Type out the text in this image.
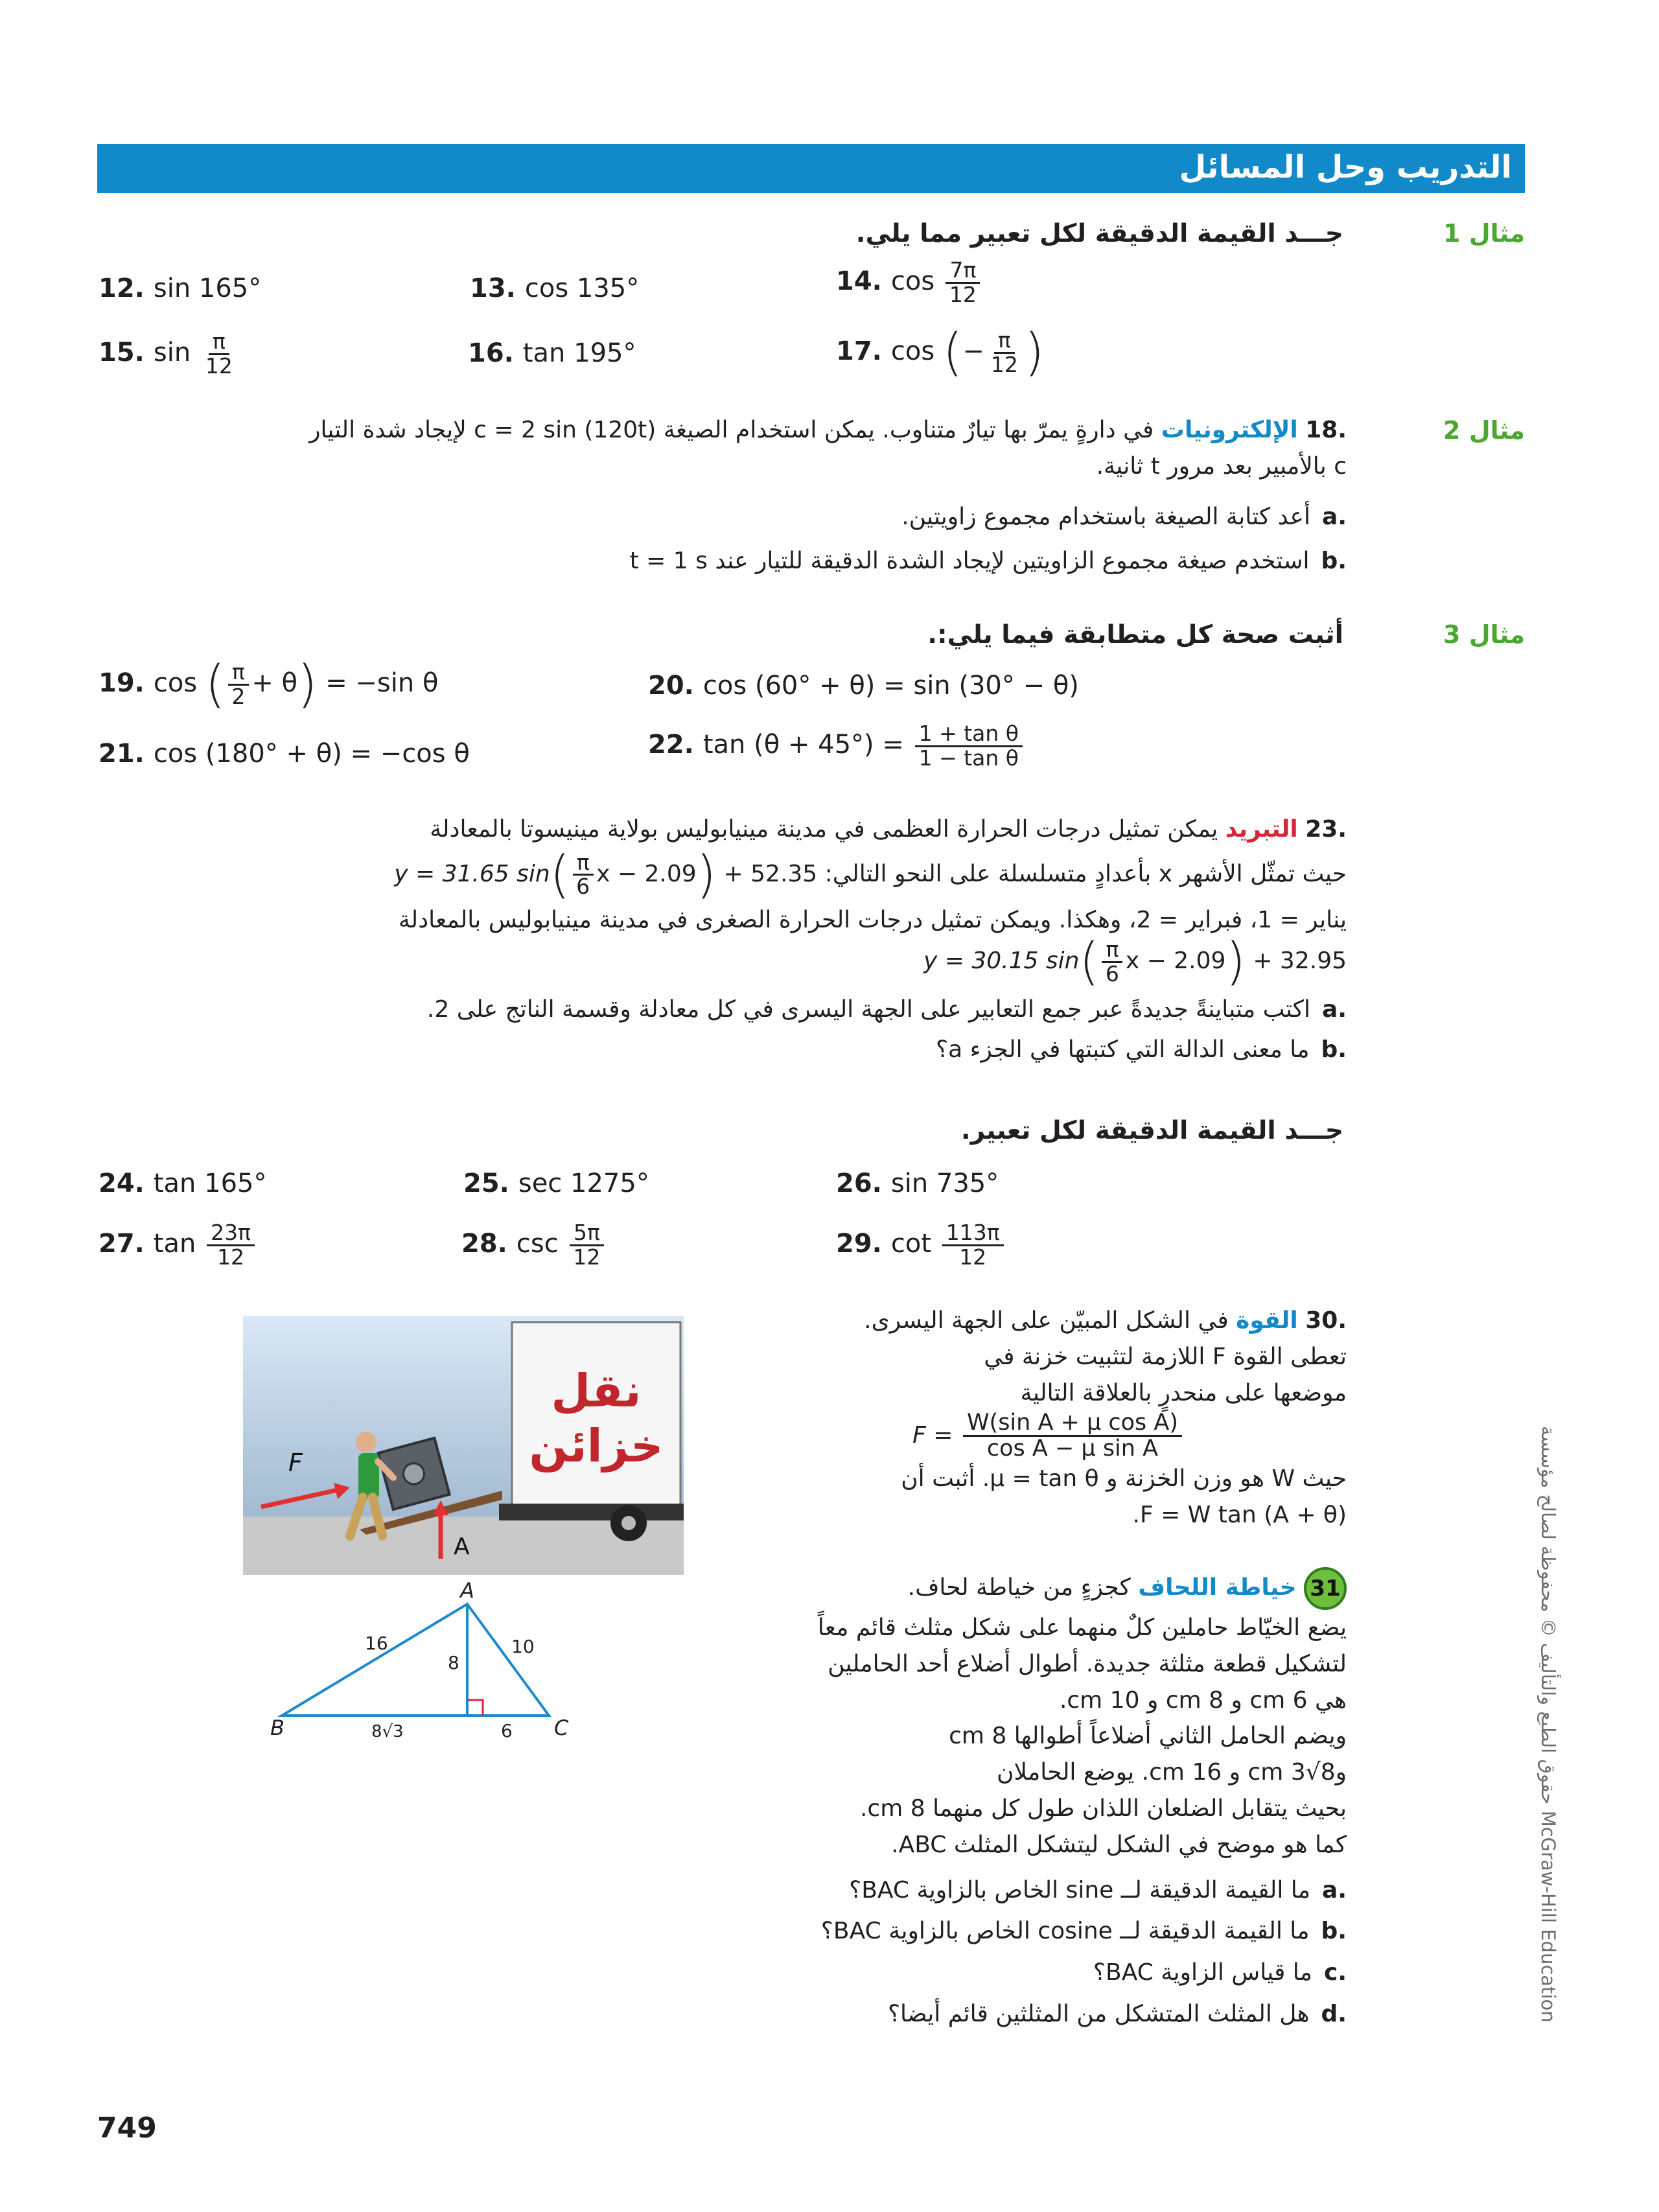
التدريب وحل المسائل
مثال 1
جـــد القيمة الدقيقة لكل تعبير مما يلي.
12. sin 165°	13. cos 135°	14. $\cos \frac{7\pi}{12}$
15. $\sin \frac{\pi}{12}$	16. tan 195°	17. cos (− $\frac{\pi}{12}$ )
مثال 2
.18 الإلكترونيات في دارةٍ يمرّ بها تيارٌ متناوب. يمكن استخدام الصيغة c = 2 sin (120t) لإيجاد شدة التيار
c بالأمبير بعد مرور t ثانية.
.aأعد كتابة الصيغة باستخدام مجموع زاويتين.
.bاستخدم صيغة مجموع الزاويتين لإيجاد الشدة الدقيقة للتيار عند t = 1 s
مثال 3
أثبت صحة كل متطابقة فيما يلي:.
19. cos ( $\frac{\pi}{2} + \theta) = -\sin$ θ	20. cos (60° + θ) = sin (30° − θ)
21. cos (180° + θ) = −cos θ	22. $\tan (\theta + 45^\circ) = \frac{\text{1 + tan θ}}{\text{1 − tan θ}}$
.23 التبريد يمكن تمثيل درجات الحرارة العظمى في مدينة مينيابوليس بولاية مينيسوتا بالمعادلة
حيث تمثّل الأشهر x بأعدادٍ متسلسلة على النحو التالي: y = 31.65 $\sin( \frac{\pi}{6}$ x − 2.09) + 52.35
يناير = 1، فبراير = 2، وهكذا. ويمكن تمثيل درجات الحرارة الصغرى في مدينة مينيابوليس بالمعادلة
y = 30.15 $\sin( \frac{\pi}{6}$ x − 2.09) + 32.95
.aاكتب متباينةً جديدةً عبر جمع التعابير على الجهة اليسرى في كل معادلة وقسمة الناتج على 2.
.bما معنى الدالة التي كتبتها في الجزء a؟
جـــد القيمة الدقيقة لكل تعبير.
24. tan 165°	25. sec 1275°	26. sin 735°
27. $\tan \frac{23\pi}{12}$	28. $\csc \frac{5\pi}{12}$	29. $\cot \frac{113\pi}{12}$
نقل
خزائن
F
A
.30 القوة في الشكل المبيّن على الجهة اليسرى.
تعطى القوة F اللازمة لتثبيت خزنة في
موضعها على منحدرٍ بالعلاقة التالية
$F = \frac{\text{W(sin A + μ cos A)}}{\text{cos A − μ sin A}}$
حيث W هو وزن الخزنة و μ = tan θ. أثبت أن
F = W tan (A + θ).
A
B	C
16	10
8
8√3	6
31 خياطة اللحاف كجزءٍ من خياطة لحاف.
يضع الخيّاط حاملين كلٌ منهما على شكل مثلث قائم معاً
لتشكيل قطعة مثلثة جديدة. أطوال أضلاع أحد الحاملين
هي 6 cm و 8 cm و 10 cm.
ويضم الحامل الثاني أضلاعاً أطوالها 8 cm
و8√3 cm و 16 cm. يوضع الحاملان
بحيث يتقابل الضلعان اللذان طول كل منهما 8 cm.
كما هو موضح في الشكل ليتشكل المثلث ABC.
.aما القيمة الدقيقة لــ sine الخاص بالزاوية BAC؟
.bما القيمة الدقيقة لــ cosine الخاص بالزاوية BAC؟
.cما قياس الزاوية BAC؟
.dهل المثلث المتشكل من المثلثين قائم أيضا؟
749
حقوق الطبع والتأليف © محفوظة لصالح مؤسسة McGraw-Hill Education
